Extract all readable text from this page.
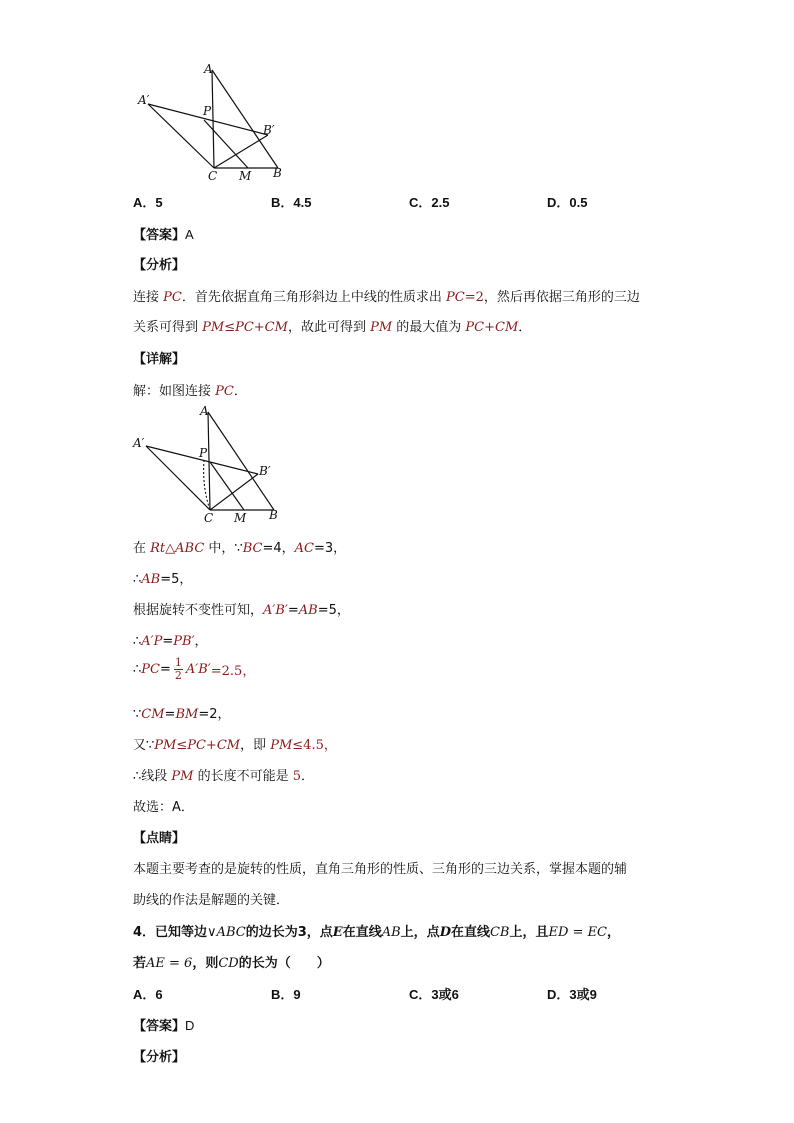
A
A′
P
B′
C M B
A．5	B．4.5	C．2.5	D．0.5
【答案】A
【分析】
连接 PC．首先依据直角三角形斜边上中线的性质求出 PC=2，然后再依据三角形的三边
关系可得到 PM≤PC+CM，故此可得到 PM 的最大值为 PC+CM．
【详解】
解：如图连接 PC．
A
A′
P
B′
C M B
在 Rt△ABC 中，∵BC=4，AC=3，
∴AB=5，
根据旋转不变性可知，A′B′=AB=5，
∴A′P=PB′，
∴PC= $\frac{1}{2} A'B'=2.5$，
∵CM=BM=2，
又∵PM≤PC+CM，即 PM≤4.5，
∴线段 PM 的长度不可能是 5．
故选：A．
【点睛】
本题主要考查的是旋转的性质，直角三角形的性质、三角形的三边关系，掌握本题的辅
助线的作法是解题的关键．
4．已知等边∨ABC的边长为3，点E在直线AB上，点D在直线CB上，且ED = EC，
若AE = 6，则CD的长为（　　）
A．6	B．9	C．3或6	D．3或9
【答案】D
【分析】
